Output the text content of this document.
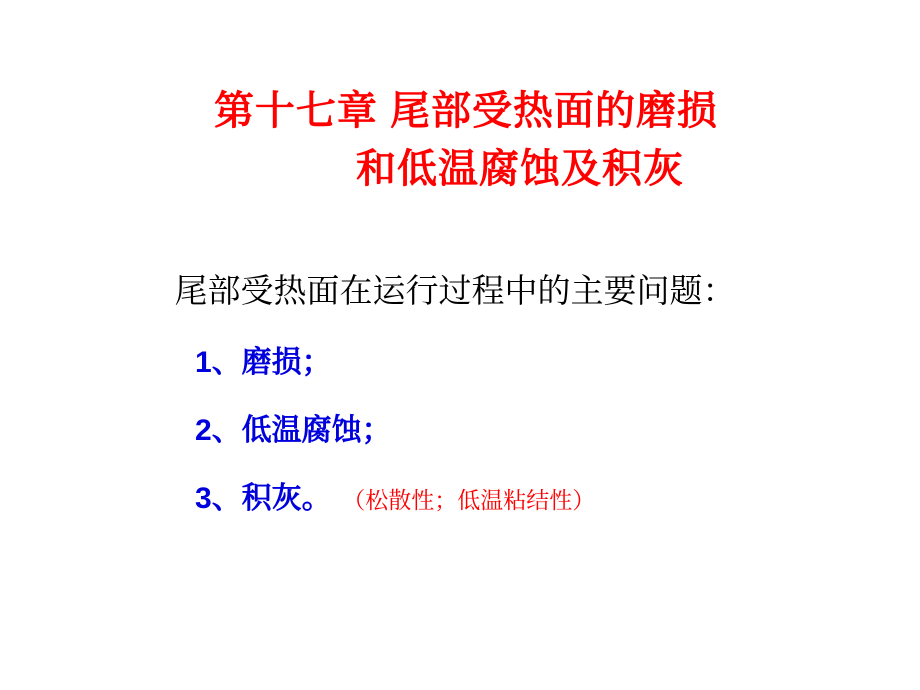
第十七章 尾部受热面的磨损
和低温腐蚀及积灰
尾部受热面在运行过程中的主要问题：
1、磨损；
2、低温腐蚀；
3、积灰。 （松散性；低温粘结性）
